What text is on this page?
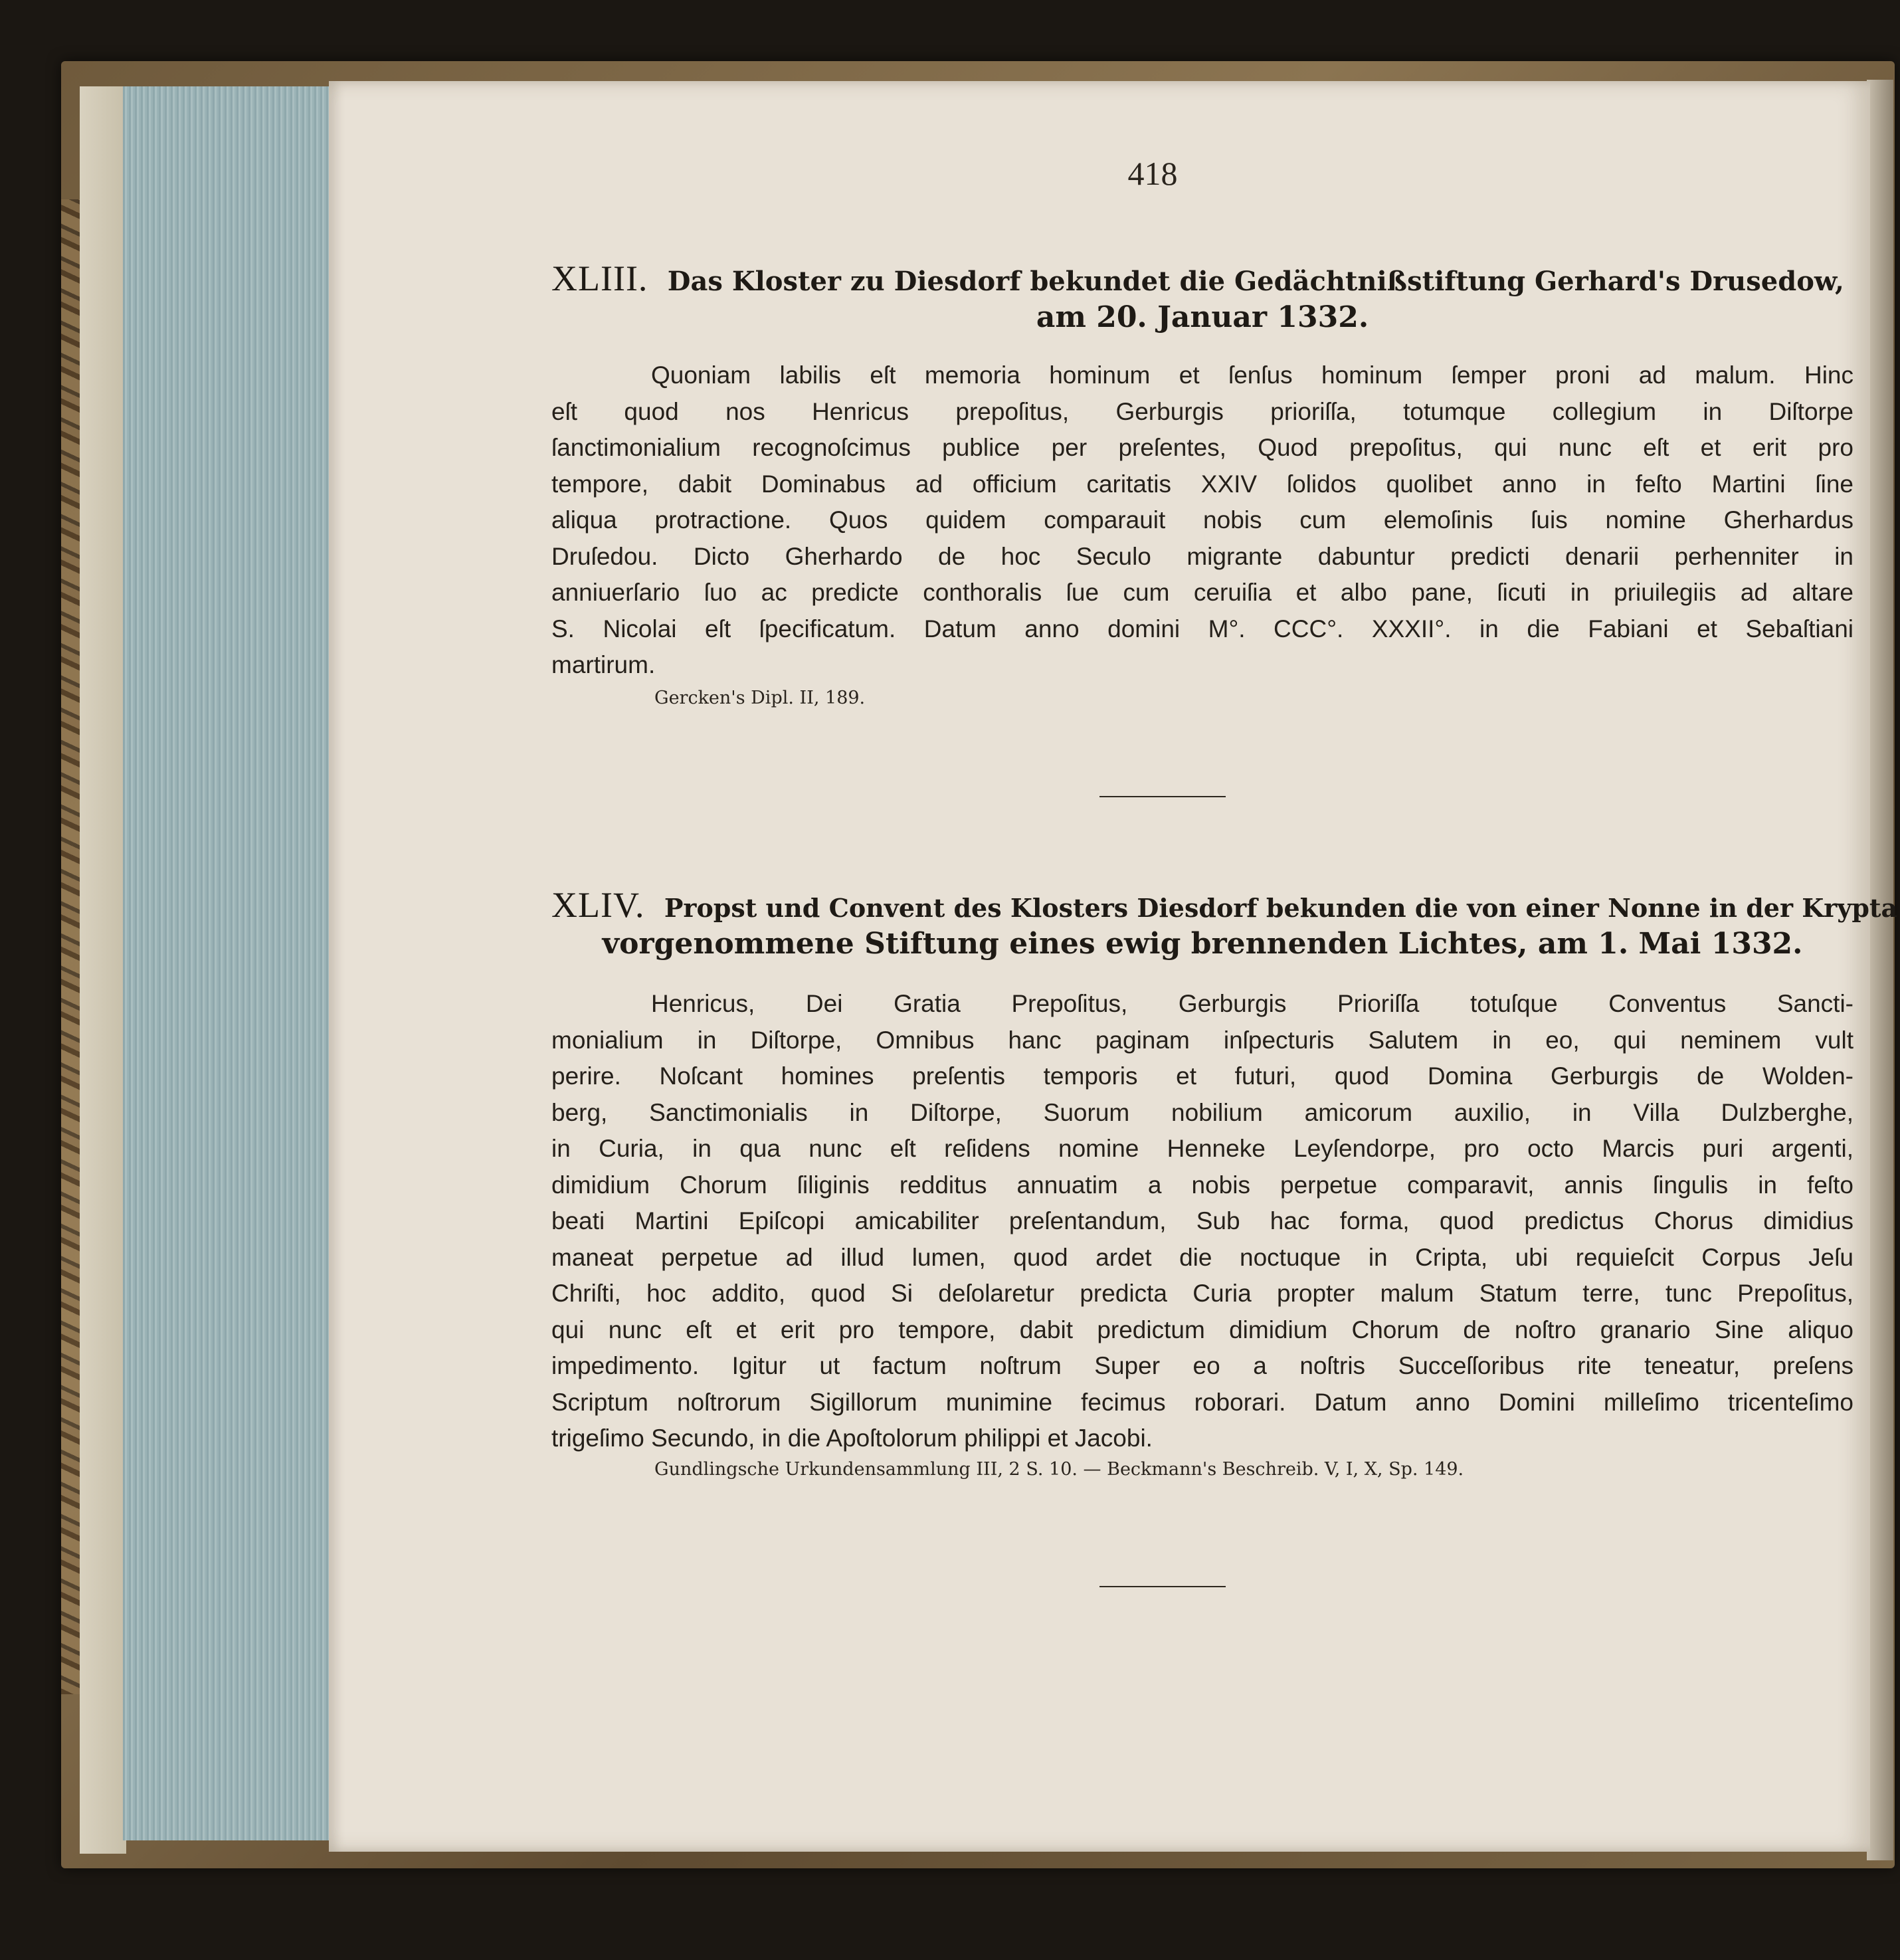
418
XLIII. Das Kloster zu Diesdorf bekundet die Gedächtnißstiftung Gerhard's Drusedow,
am 20. Januar 1332.
Quoniam labilis eſt memoria hominum et ſenſus hominum ſemper proni ad malum. Hinc
eſt quod nos Henricus prepoſitus, Gerburgis prioriſſa, totumque collegium in Diſtorpe
ſanctimonialium recognoſcimus publice per preſentes, Quod prepoſitus, qui nunc eſt et erit pro
tempore, dabit Dominabus ad officium caritatis XXIV ſolidos quolibet anno in feſto Martini ſine
aliqua protractione. Quos quidem comparauit nobis cum elemoſinis ſuis nomine Gherhardus
Druſedou. Dicto Gherhardo de hoc Seculo migrante dabuntur predicti denarii perhenniter in
anniuerſario ſuo ac predicte conthoralis ſue cum ceruiſia et albo pane, ſicuti in priuilegiis ad altare
S. Nicolai eſt ſpecificatum. Datum anno domini M°. CCC°. XXXII°. in die Fabiani et Sebaſtiani
martirum.
Gercken's Dipl. II, 189.
XLIV. Propst und Convent des Klosters Diesdorf bekunden die von einer Nonne in der Krypta
vorgenommene Stiftung eines ewig brennenden Lichtes, am 1. Mai 1332.
Henricus, Dei Gratia Prepoſitus, Gerburgis Prioriſſa totuſque Conventus Sancti-
monialium in Diſtorpe, Omnibus hanc paginam inſpecturis Salutem in eo, qui neminem vult
perire. Noſcant homines preſentis temporis et futuri, quod Domina Gerburgis de Wolden-
berg, Sanctimonialis in Diſtorpe, Suorum nobilium amicorum auxilio, in Villa Dulzberghe,
in Curia, in qua nunc eſt reſidens nomine Henneke Leyſendorpe, pro octo Marcis puri argenti,
dimidium Chorum ſiliginis redditus annuatim a nobis perpetue comparavit, annis ſingulis in feſto
beati Martini Epiſcopi amicabiliter preſentandum, Sub hac forma, quod predictus Chorus dimidius
maneat perpetue ad illud lumen, quod ardet die noctuque in Cripta, ubi requieſcit Corpus Jeſu
Chriſti, hoc addito, quod Si deſolaretur predicta Curia propter malum Statum terre, tunc Prepoſitus,
qui nunc eſt et erit pro tempore, dabit predictum dimidium Chorum de noſtro granario Sine aliquo
impedimento. Igitur ut factum noſtrum Super eo a noſtris Succeſſoribus rite teneatur, preſens
Scriptum noſtrorum Sigillorum munimine fecimus roborari. Datum anno Domini milleſimo tricenteſimo
trigeſimo Secundo, in die Apoſtolorum philippi et Jacobi.
Gundlingsche Urkundensammlung III, 2 S. 10. — Beckmann's Beschreib. V, I, X, Sp. 149.
